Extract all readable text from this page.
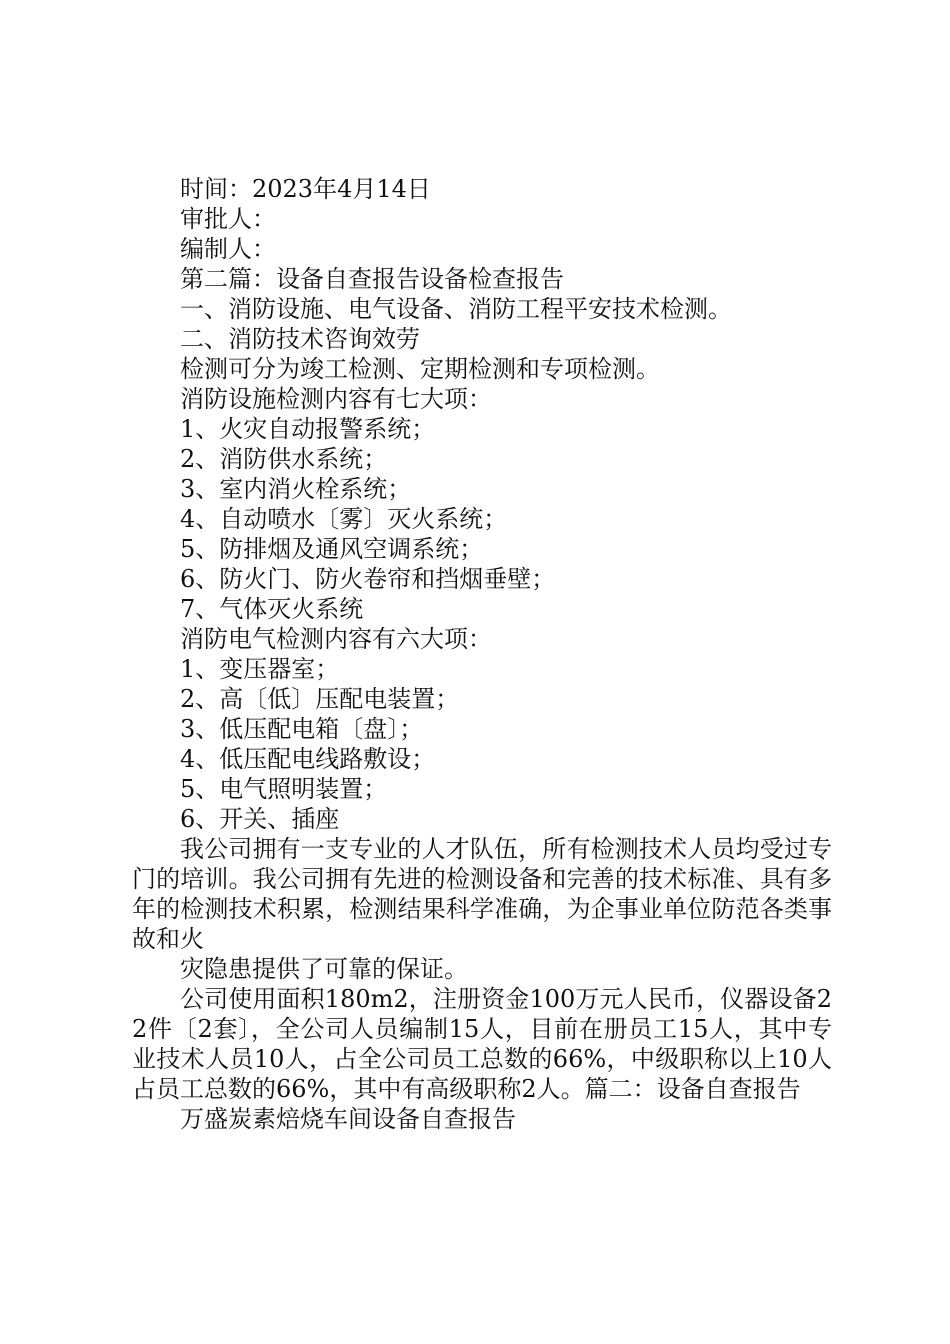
时间：2023年4月14日
审批人：
编制人：
第二篇：设备自查报告设备检查报告
一、消防设施、电气设备、消防工程平安技术检测。
二、消防技术咨询效劳
检测可分为竣工检测、定期检测和专项检测。
消防设施检测内容有七大项：
1、火灾自动报警系统；
2、消防供水系统；
3、室内消火栓系统；
4、自动喷水〔雾〕灭火系统；
5、防排烟及通风空调系统；
6、防火门、防火卷帘和挡烟垂壁；
7、气体灭火系统
消防电气检测内容有六大项：
1、变压器室；
2、高〔低〕压配电装置；
3、低压配电箱〔盘〕；
4、低压配电线路敷设；
5、电气照明装置；
6、开关、插座
我公司拥有一支专业的人才队伍，所有检测技术人员均受过专门的培训。我公司拥有先进的检测设备和完善的技术标准、具有多年的检测技术积累，检测结果科学准确，为企事业单位防范各类事故和火
灾隐患提供了可靠的保证。
公司使用面积180m2，注册资金100万元人民币，仪器设备22件〔2套〕，全公司人员编制15人，目前在册员工15人，其中专业技术人员10人，占全公司员工总数的66%，中级职称以上10人占员工总数的66%，其中有高级职称2人。篇二：设备自查报告
万盛炭素焙烧车间设备自查报告
